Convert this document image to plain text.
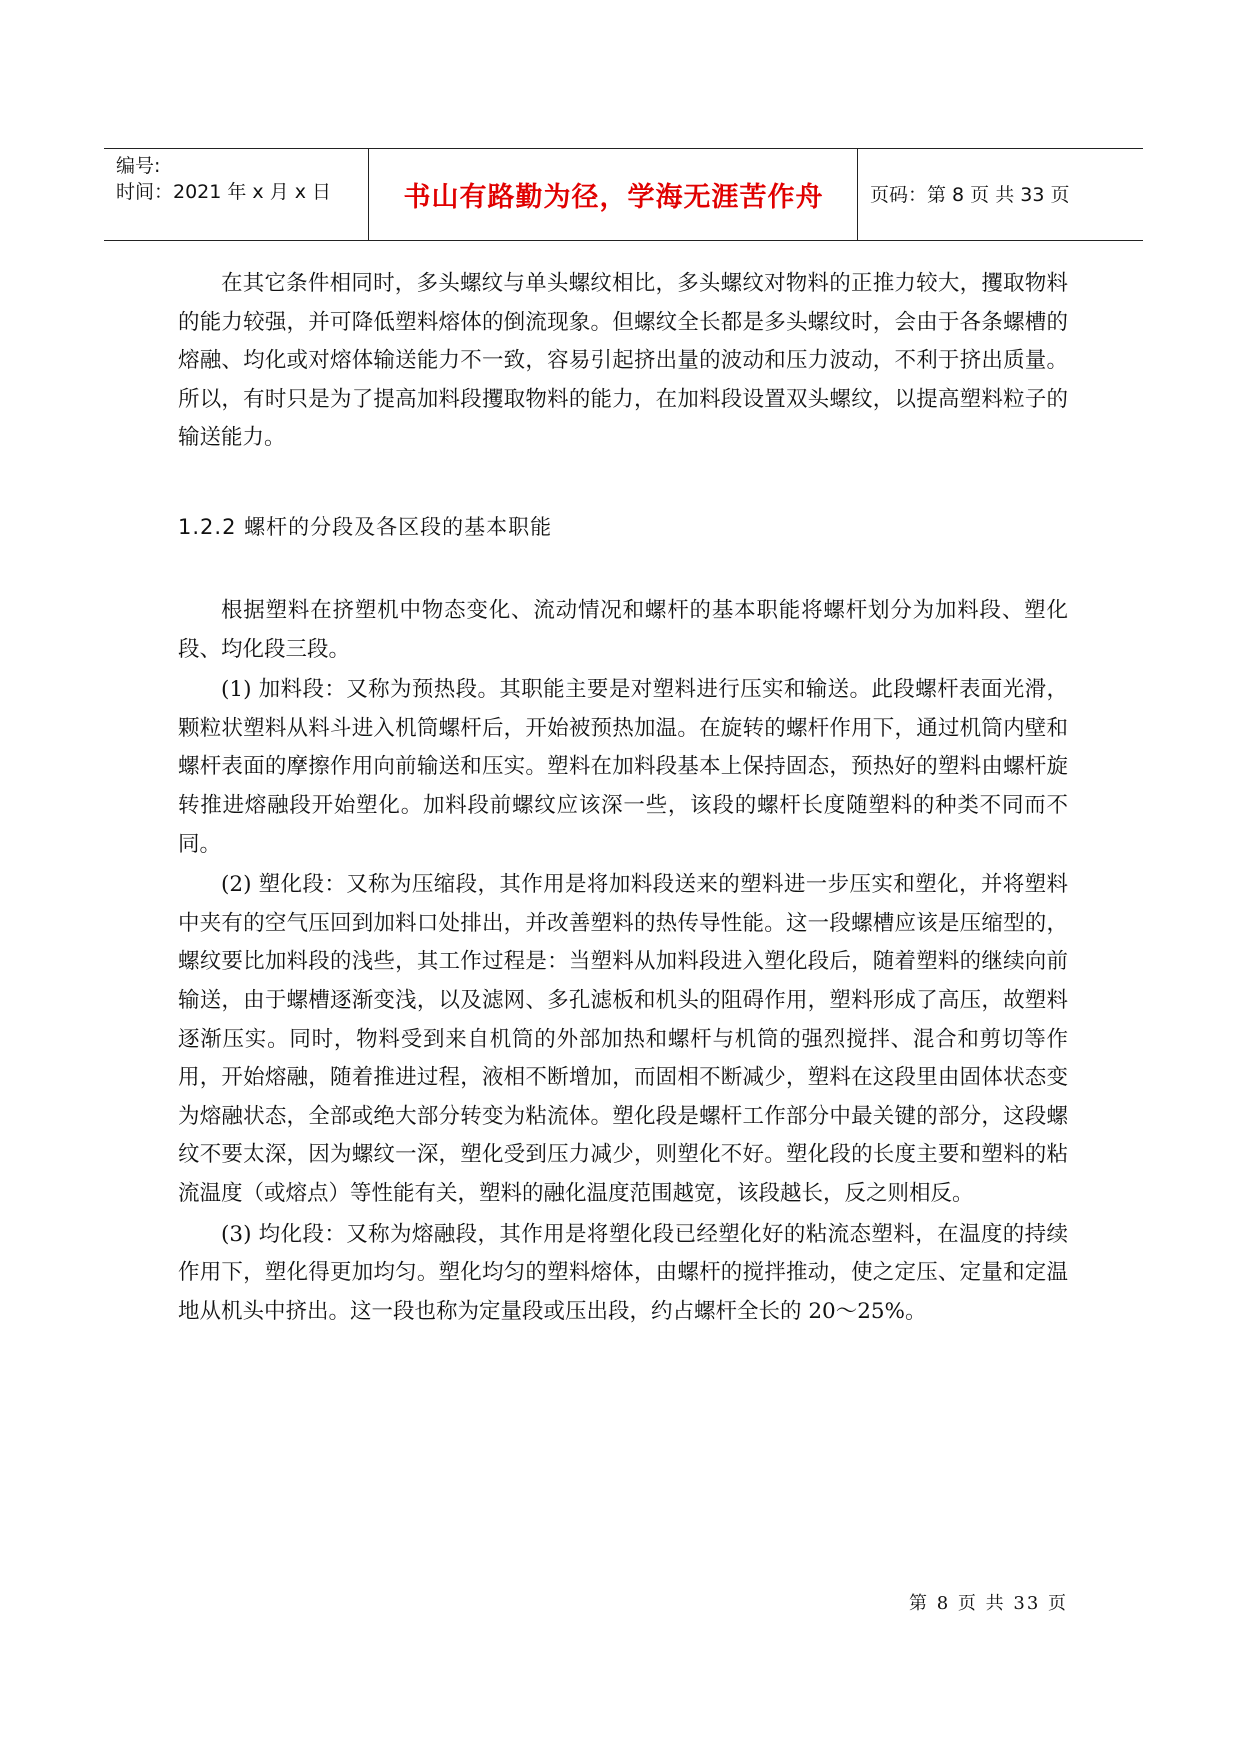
编号:
时间：2021 年 x 月 x 日	书山有路勤为径，学海无涯苦作舟	页码：第 8 页 共 33 页

在其它条件相同时，多头螺纹与单头螺纹相比，多头螺纹对物料的正推力较大，攫取物料的能力较强，并可降低塑料熔体的倒流现象。但螺纹全长都是多头螺纹时，会由于各条螺槽的熔融、均化或对熔体输送能力不一致，容易引起挤出量的波动和压力波动，不利于挤出质量。所以，有时只是为了提高加料段攫取物料的能力，在加料段设置双头螺纹，以提高塑料粒子的输送能力。

1.2.2 螺杆的分段及各区段的基本职能

根据塑料在挤塑机中物态变化、流动情况和螺杆的基本职能将螺杆划分为加料段、塑化段、均化段三段。

(1) 加料段：又称为预热段。其职能主要是对塑料进行压实和输送。此段螺杆表面光滑，颗粒状塑料从料斗进入机筒螺杆后，开始被预热加温。在旋转的螺杆作用下，通过机筒内壁和螺杆表面的摩擦作用向前输送和压实。塑料在加料段基本上保持固态，预热好的塑料由螺杆旋转推进熔融段开始塑化。加料段前螺纹应该深一些，该段的螺杆长度随塑料的种类不同而不同。

(2) 塑化段：又称为压缩段，其作用是将加料段送来的塑料进一步压实和塑化，并将塑料中夹有的空气压回到加料口处排出，并改善塑料的热传导性能。这一段螺槽应该是压缩型的，螺纹要比加料段的浅些，其工作过程是：当塑料从加料段进入塑化段后，随着塑料的继续向前输送，由于螺槽逐渐变浅，以及滤网、多孔滤板和机头的阻碍作用，塑料形成了高压，故塑料逐渐压实。同时，物料受到来自机筒的外部加热和螺杆与机筒的强烈搅拌、混合和剪切等作用，开始熔融，随着推进过程，液相不断增加，而固相不断减少，塑料在这段里由固体状态变为熔融状态，全部或绝大部分转变为粘流体。塑化段是螺杆工作部分中最关键的部分，这段螺纹不要太深，因为螺纹一深，塑化受到压力减少，则塑化不好。塑化段的长度主要和塑料的粘流温度（或熔点）等性能有关，塑料的融化温度范围越宽，该段越长，反之则相反。

(3) 均化段：又称为熔融段，其作用是将塑化段已经塑化好的粘流态塑料，在温度的持续作用下，塑化得更加均匀。塑化均匀的塑料熔体，由螺杆的搅拌推动，使之定压、定量和定温地从机头中挤出。这一段也称为定量段或压出段，约占螺杆全长的 20～25%。

第 8 页 共 33 页
